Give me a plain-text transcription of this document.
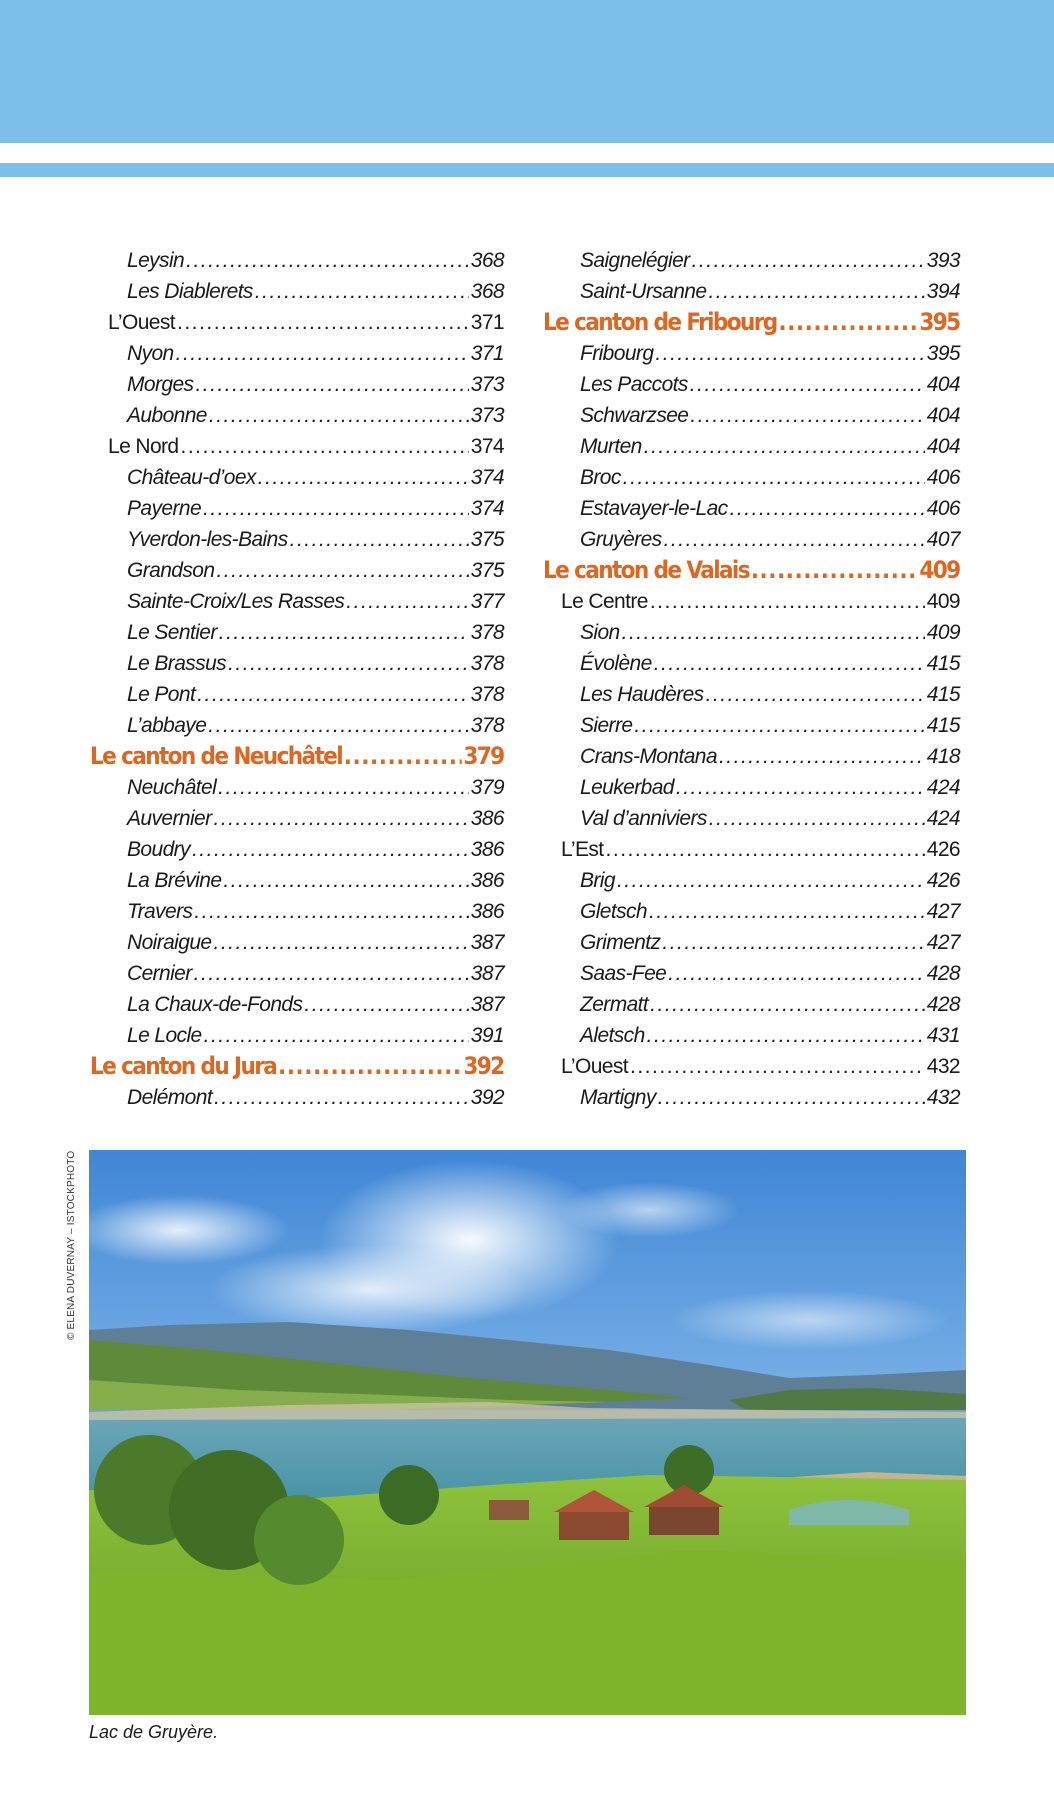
Leysin .....	368
Les Diablerets .....	368
L’Ouest .....	371
Nyon .....	371
Morges .....	373
Aubonne .....	373
Le Nord .....	374
Château-d’oex .....	374
Payerne .....	374
Yverdon-les-Bains .....	375
Grandson .....	375
Sainte-Croix/Les Rasses .....	377
Le Sentier .....	378
Le Brassus .....	378
Le Pont .....	378
L’abbaye .....	378
Le canton de Neuchâtel .....	379
Neuchâtel .....	379
Auvernier .....	386
Boudry .....	386
La Brévine .....	386
Travers .....	386
Noiraigue .....	387
Cernier .....	387
La Chaux-de-Fonds .....	387
Le Locle .....	391
Le canton du Jura .....	392
Delémont .....	392
Saignelégier .....	393
Saint-Ursanne .....	394
Le canton de Fribourg .....	395
Fribourg .....	395
Les Paccots .....	404
Schwarzsee .....	404
Murten .....	404
Broc .....	406
Estavayer-le-Lac .....	406
Gruyères .....	407
Le canton de Valais .....	409
Le Centre .....	409
Sion .....	409
Évolène .....	415
Les Haudères .....	415
Sierre .....	415
Crans-Montana .....	418
Leukerbad .....	424
Val d’anniviers .....	424
L’Est .....	426
Brig .....	426
Gletsch .....	427
Grimentz .....	427
Saas-Fee .....	428
Zermatt .....	428
Aletsch .....	431
L’Ouest .....	432
Martigny .....	432
© ELENA DUVERNAY – ISTOCKPHOTO
Lac de Gruyère.
